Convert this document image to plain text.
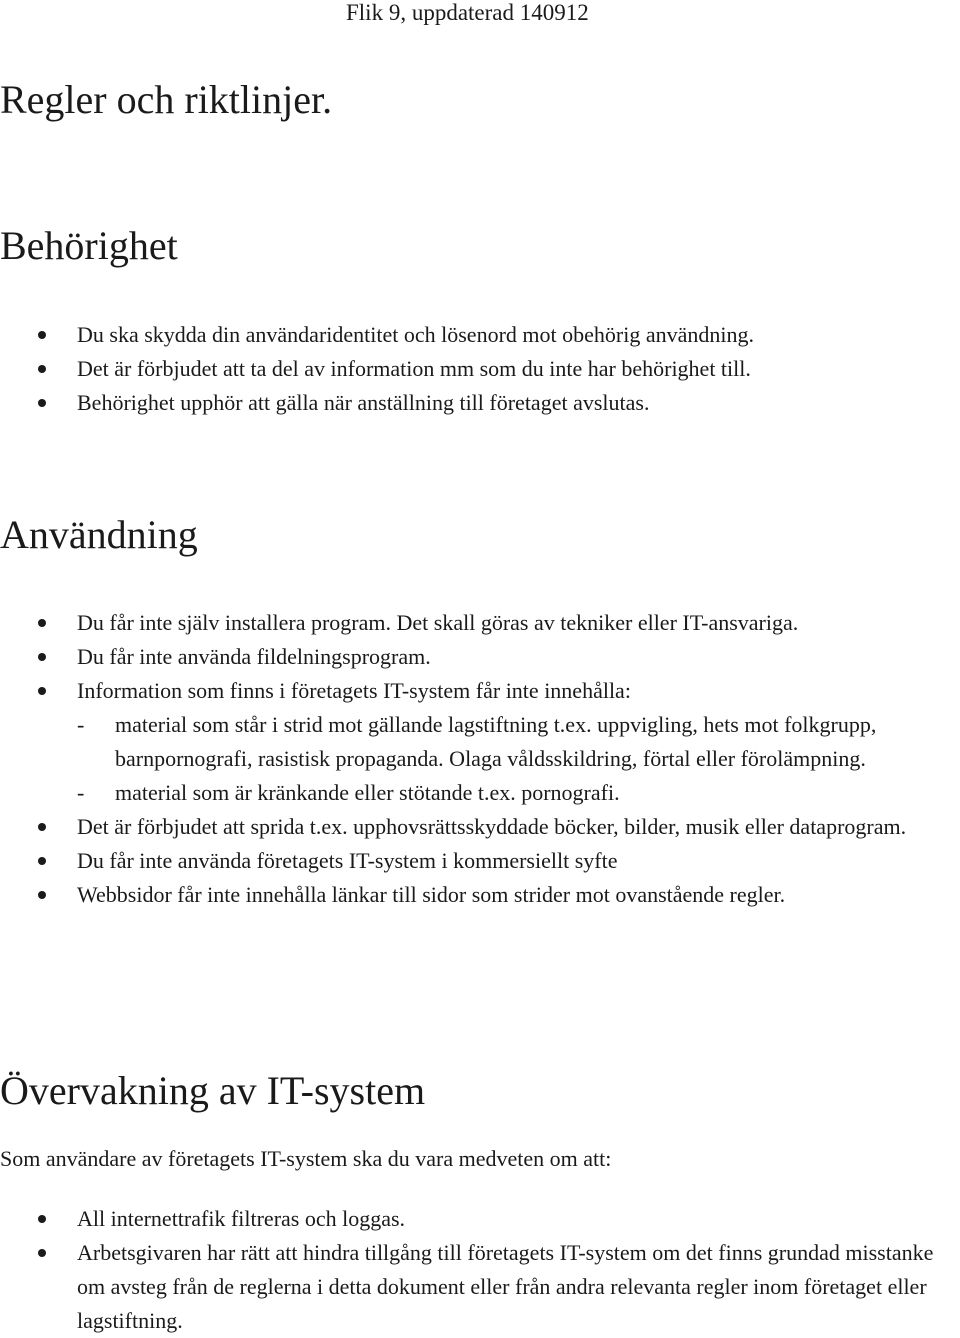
Flik 9, uppdaterad 140912
Regler och riktlinjer.
Behörighet
Du ska skydda din användaridentitet och lösenord mot obehörig användning.
Det är förbjudet att ta del av information mm som du inte har behörighet till.
Behörighet upphör att gälla när anställning till företaget avslutas.
Användning
Du får inte själv installera program. Det skall göras av tekniker eller IT-ansvariga.
Du får inte använda fildelningsprogram.
Information som finns i företagets IT-system får inte innehålla:
- material som står i strid mot gällande lagstiftning t.ex. uppvigling, hets mot folkgrupp, barnpornografi, rasistisk propaganda. Olaga våldsskildring, förtal eller förolämpning.
- material som är kränkande eller stötande t.ex. pornografi.
Det är förbjudet att sprida t.ex. upphovsrättsskyddade böcker, bilder, musik eller dataprogram.
Du får inte använda företagets IT-system i kommersiellt syfte
Webbsidor får inte innehålla länkar till sidor som strider mot ovanstående regler.
Övervakning av IT-system

Som användare av företagets IT-system ska du vara medveten om att:

All internettrafik filtreras och loggas.
Arbetsgivaren har rätt att hindra tillgång till företagets IT-system om det finns grundad misstanke om avsteg från de reglerna i detta dokument eller från andra relevanta regler inom företaget eller lagstiftning.
